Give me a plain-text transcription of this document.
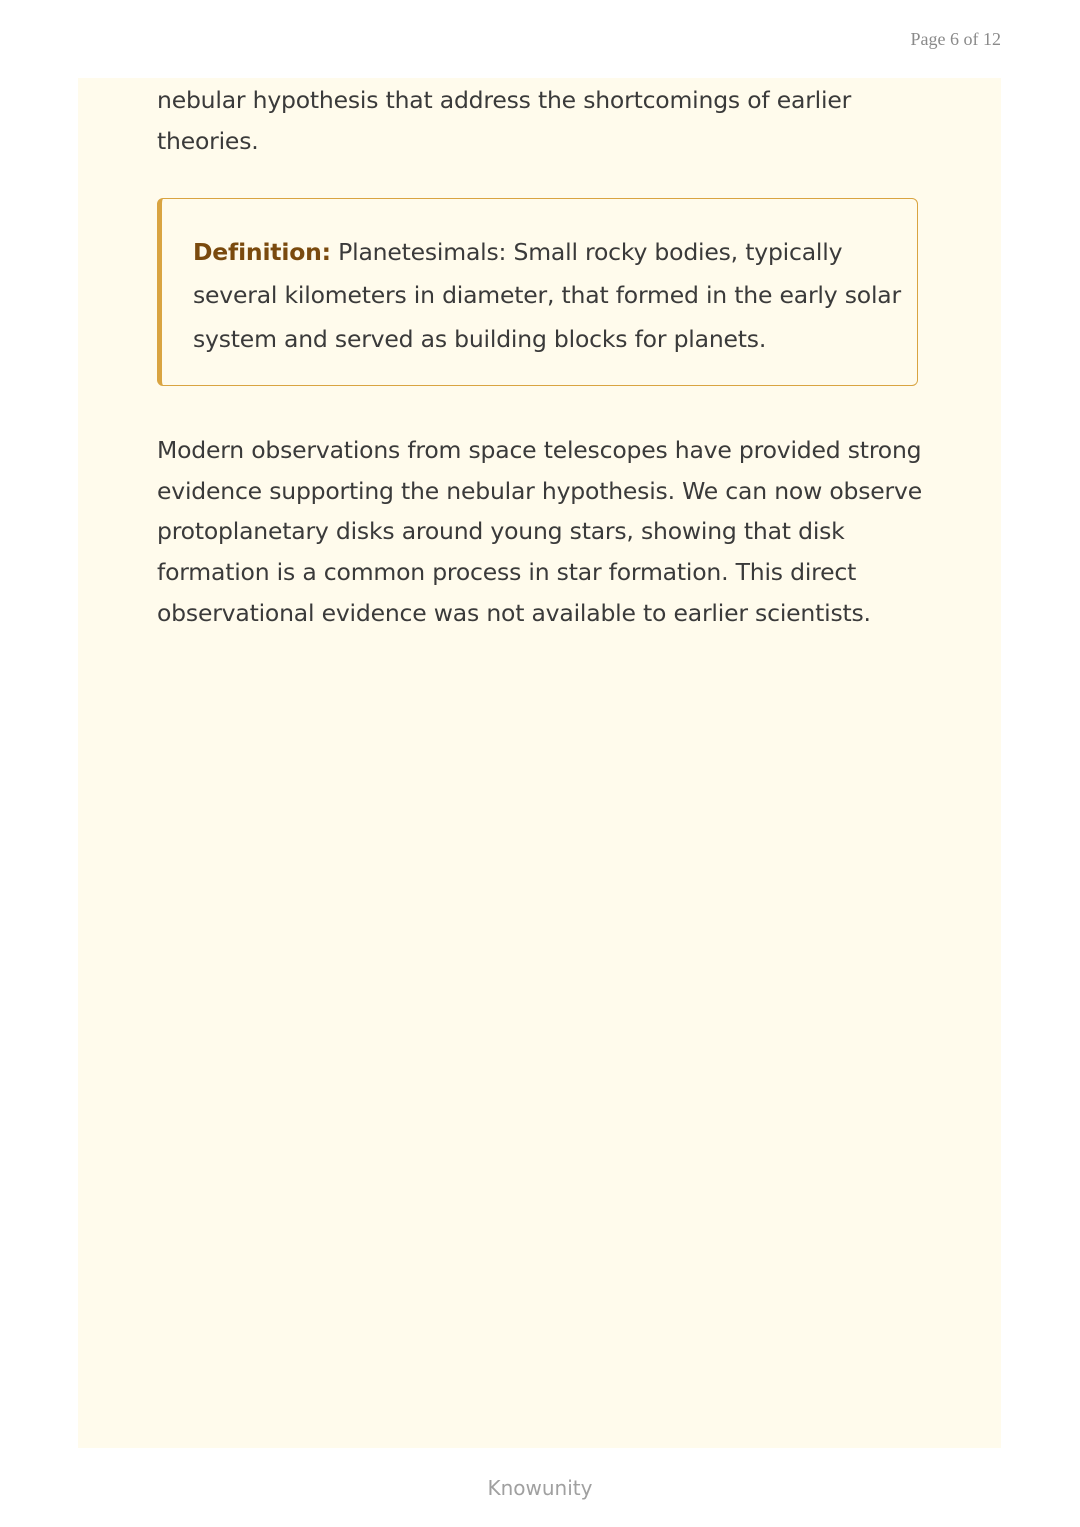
Page 6 of 12

nebular hypothesis that address the shortcomings of earlier theories.

Definition: Planetesimals: Small rocky bodies, typically several kilometers in diameter, that formed in the early solar system and served as building blocks for planets.

Modern observations from space telescopes have provided strong evidence supporting the nebular hypothesis. We can now observe protoplanetary disks around young stars, showing that disk formation is a common process in star formation. This direct observational evidence was not available to earlier scientists.

Knowunity
